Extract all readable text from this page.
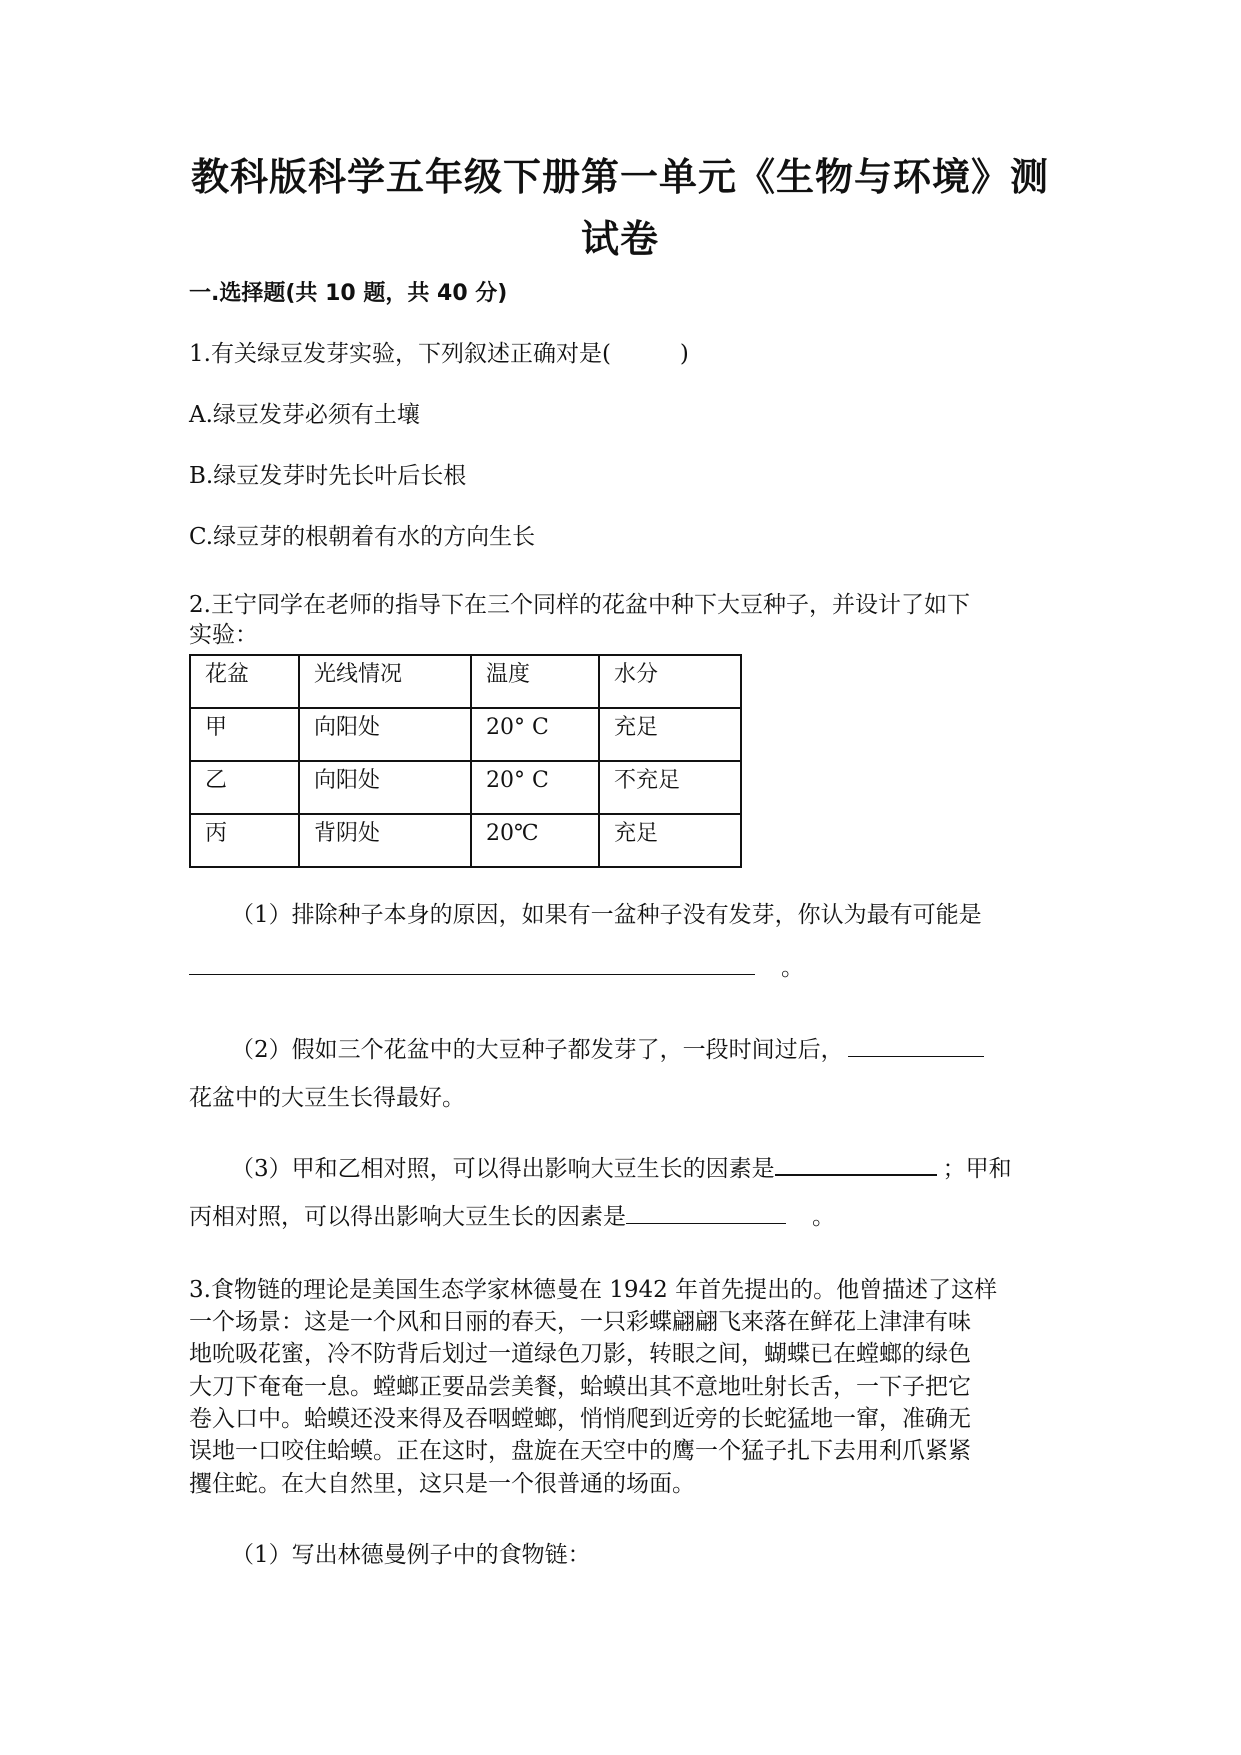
教科版科学五年级下册第一单元《生物与环境》测
试卷
一.选择题(共 10 题，共 40 分)
1.有关绿豆发芽实验，下列叙述正确对是(　　　)
A.绿豆发芽必须有土壤
B.绿豆发芽时先长叶后长根
C.绿豆芽的根朝着有水的方向生长
2.王宁同学在老师的指导下在三个同样的花盆中种下大豆种子，并设计了如下
实验：
花盆	光线情况	温度	水分
甲	向阳处	20° C	充足
乙	向阳处	20° C	不充足
丙	背阴处	20℃	充足
（1）排除种子本身的原因，如果有一盆种子没有发芽，你认为最有可能是
。
（2）假如三个花盆中的大豆种子都发芽了，一段时间过后，
花盆中的大豆生长得最好。
（3）甲和乙相对照，可以得出影响大豆生长的因素是	；甲和
丙相对照，可以得出影响大豆生长的因素是	。
3.食物链的理论是美国生态学家林德曼在 1942 年首先提出的。他曾描述了这样
一个场景：这是一个风和日丽的春天，一只彩蝶翩翩飞来落在鲜花上津津有味
地吮吸花蜜，冷不防背后划过一道绿色刀影，转眼之间，蝴蝶已在螳螂的绿色
大刀下奄奄一息。螳螂正要品尝美餐，蛤蟆出其不意地吐射长舌，一下子把它
卷入口中。蛤蟆还没来得及吞咽螳螂，悄悄爬到近旁的长蛇猛地一窜，准确无
误地一口咬住蛤蟆。正在这时，盘旋在天空中的鹰一个猛子扎下去用利爪紧紧
攫住蛇。在大自然里，这只是一个很普通的场面。
（1）写出林德曼例子中的食物链：
